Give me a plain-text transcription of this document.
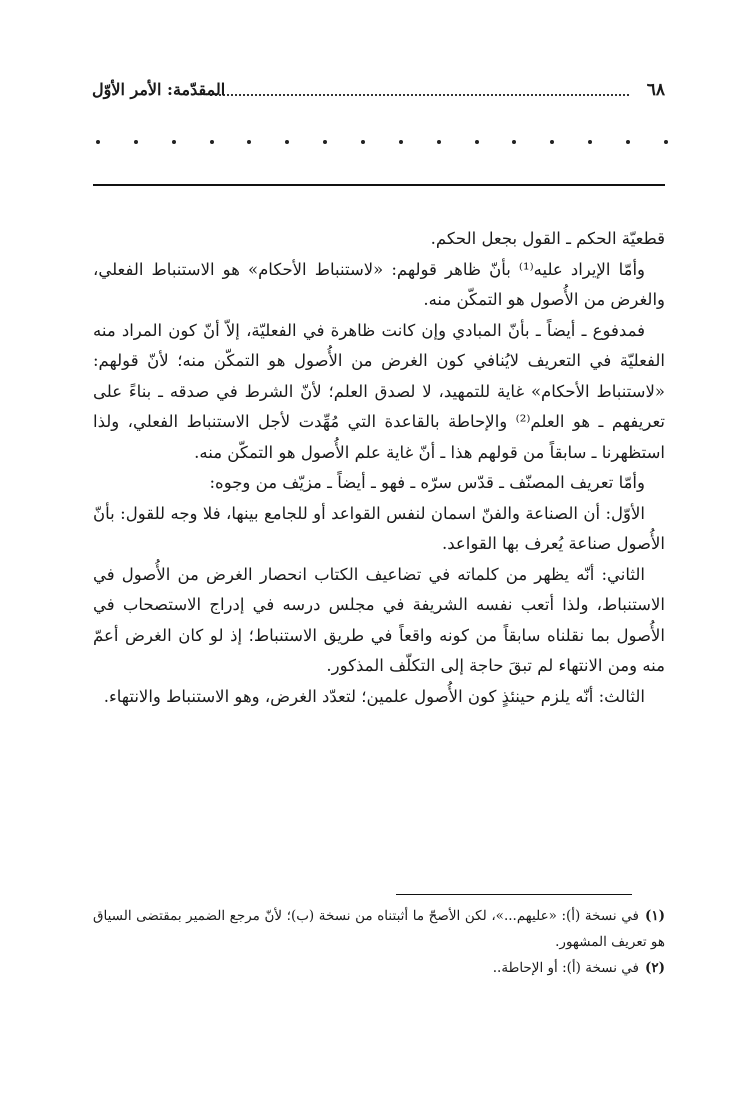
٦٨
المقدّمة: الأمر الأوّل

قطعيّة الحكم ـ القول بجعل الحكم.

وأمّا الإيراد عليه⁽¹⁾ بأنّ ظاهر قولهم: «لاستنباط الأحكام» هو الاستنباط الفعلي، والغرض من الأُصول هو التمكّن منه.

فمدفوع ـ أيضاً ـ بأنّ المبادي وإن كانت ظاهرة في الفعليّة، إلاّ أنّ كون المراد منه الفعليّة في التعريف لايُنافي كون الغرض من الأُصول هو التمكّن منه؛ لأنّ قولهم: «لاستنباط الأحكام» غاية للتمهيد، لا لصدق العلم؛ لأنّ الشرط في صدقه ـ بناءً على تعريفهم ـ هو العلم⁽²⁾ والإحاطة بالقاعدة التي مُهِّدت لأجل الاستنباط الفعلي، ولذا استظهرنا ـ سابقاً من قولهم هذا ـ أنّ غاية علم الأُصول هو التمكّن منه.

وأمّا تعريف المصنّف ـ قدّس سرّه ـ فهو ـ أيضاً ـ مزيّف من وجوه:

الأوّل: أن الصناعة والفنّ اسمان لنفس القواعد أو للجامع بينها، فلا وجه للقول: بأنّ الأُصول صناعة يُعرف بها القواعد.

الثاني: أنّه يظهر من كلماته في تضاعيف الكتاب انحصار الغرض من الأُصول في الاستنباط، ولذا أتعب نفسه الشريفة في مجلس درسه في إدراج الاستصحاب في الأُصول بما نقلناه سابقاً من كونه واقعاً في طريق الاستنباط؛ إذ لو كان الغرض أعمّ منه ومن الانتهاء لم تبقَ حاجة إلى التكلّف المذكور.

الثالث: أنّه يلزم حينئذٍ كون الأُصول علمين؛ لتعدّد الغرض، وهو الاستنباط والانتهاء.

(١)في نسخة (أ): «عليهم...»، لكن الأصحّ ما أثبتناه من نسخة (ب)؛ لأنّ مرجع الضمير بمقتضى السياق هو تعريف المشهور.

(٢)في نسخة (أ): أو الإحاطة..
